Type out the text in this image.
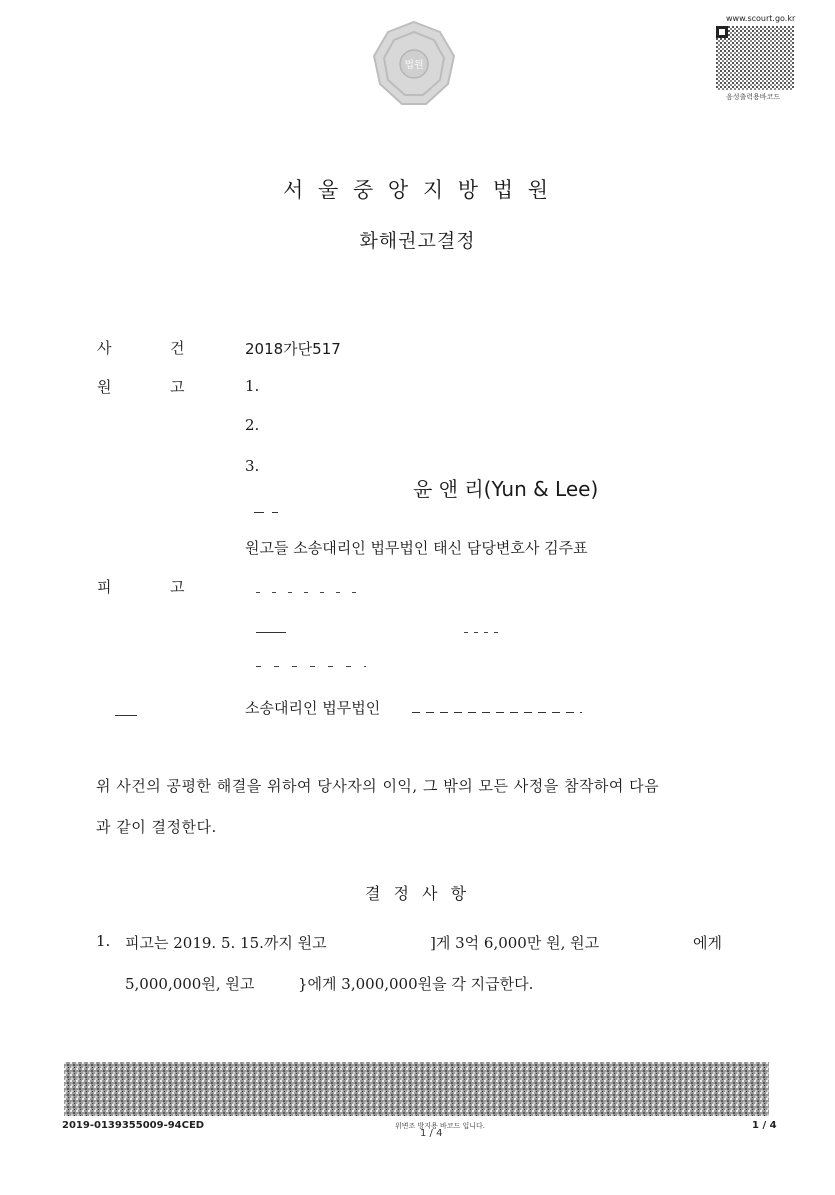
법원
www.scourt.go.kr
음성출력용바코드
서 울 중 앙 지 방 법 원
화해권고결정
사	건	2018가단517
원	고	1.
2.
3.
윤 앤 리(Yun & Lee)
원고들 소송대리인 법무법인 태신 담당변호사 김주표
피	고
소송대리인 법무법인
위 사건의 공평한 해결을 위하여 당사자의 이익, 그 밖의 모든 사정을 참작하여 다음
과 같이 결정한다.
결 정 사 항
1. 피고는 2019. 5. 15.까지 원고	]게 3억 6,000만 원, 원고	에게
5,000,000원, 원고	}에게 3,000,000원을 각 지급한다.
2019-0139355009-94CED	위변조 방지용 바코드 입니다.
1 / 4
1 / 4
